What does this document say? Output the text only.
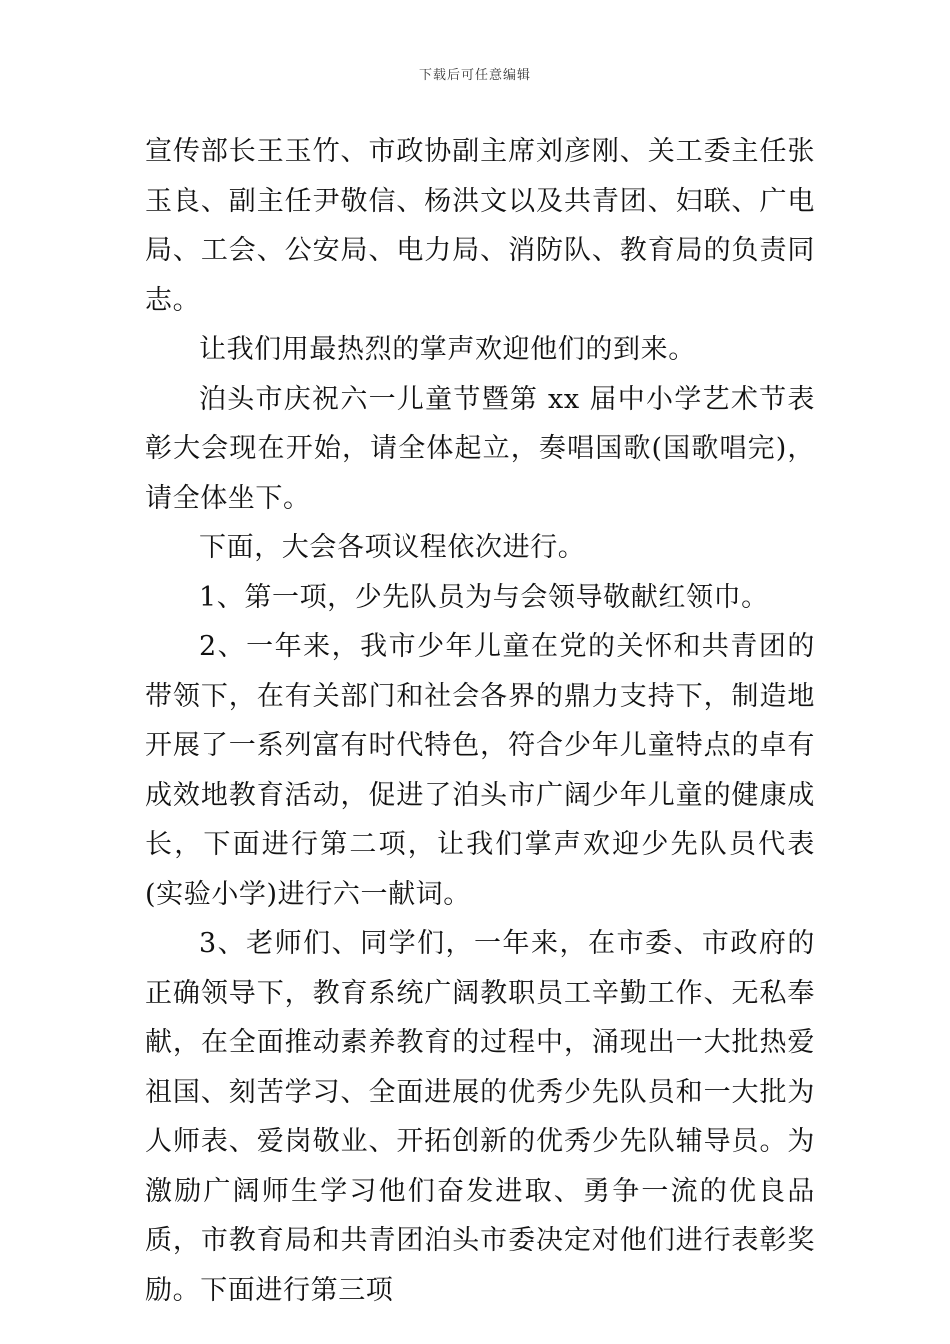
下载后可任意编辑

宣传部长王玉竹、市政协副主席刘彦刚、关工委主任张玉良、副主任尹敬信、杨洪文以及共青团、妇联、广电局、工会、公安局、电力局、消防队、教育局的负责同志。

让我们用最热烈的掌声欢迎他们的到来。

泊头市庆祝六一儿童节暨第 xx 届中小学艺术节表彰大会现在开始，请全体起立，奏唱国歌(国歌唱完)，请全体坐下。

下面，大会各项议程依次进行。

1、第一项，少先队员为与会领导敬献红领巾。

2、一年来，我市少年儿童在党的关怀和共青团的带领下，在有关部门和社会各界的鼎力支持下，制造地开展了一系列富有时代特色，符合少年儿童特点的卓有成效地教育活动，促进了泊头市广阔少年儿童的健康成长，下面进行第二项，让我们掌声欢迎少先队员代表(实验小学)进行六一献词。

3、老师们、同学们，一年来，在市委、市政府的正确领导下，教育系统广阔教职员工辛勤工作、无私奉献，在全面推动素养教育的过程中，涌现出一大批热爱祖国、刻苦学习、全面进展的优秀少先队员和一大批为人师表、爱岗敬业、开拓创新的优秀少先队辅导员。为激励广阔师生学习他们奋发进取、勇争一流的优良品质，市教育局和共青团泊头市委决定对他们进行表彰奖励。下面进行第三项
